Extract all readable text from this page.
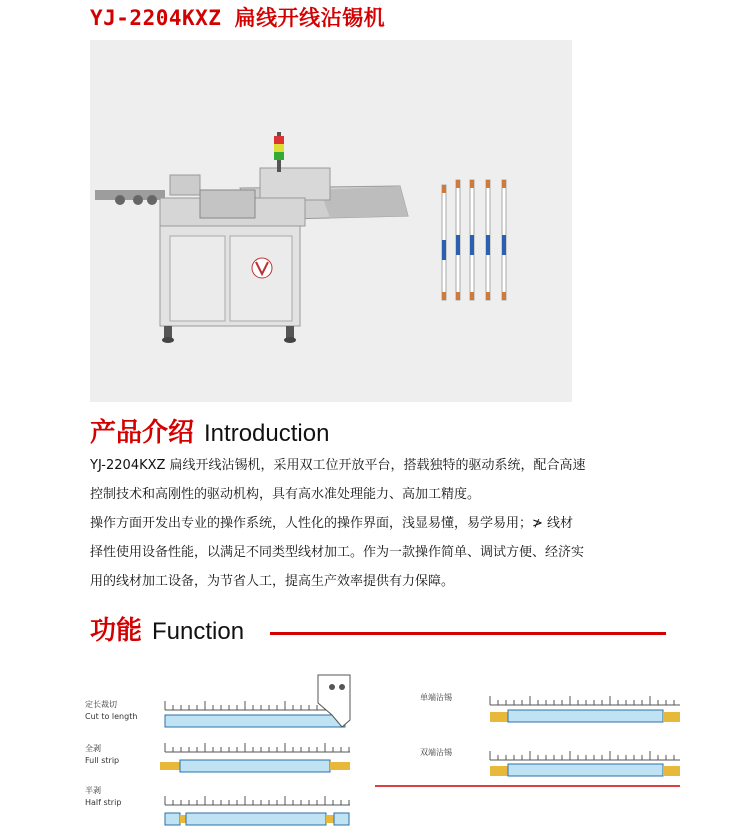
YJ-2204KXZ 扁线开线沾锡机
产品介绍 Introduction
YJ-2204KXZ 扁线开线沾锡机，采用双工位开放平台，搭载独特的驱动系统，配合高速
控制技术和高刚性的驱动机构，具有高水准处理能力、高加工精度。
操作方面开发出专业的操作系统，人性化的操作界面，浅显易懂，易学易用；≯ 线材
择性使用设备性能，以满足不同类型线材加工。作为一款操作简单、调试方便、经济实
用的线材加工设备，为节省人工，提高生产效率提供有力保障。
功能 Function
定长裁切
Cut to length
全剥
Full strip
半剥
Half strip
单端沾锡
双端沾锡
